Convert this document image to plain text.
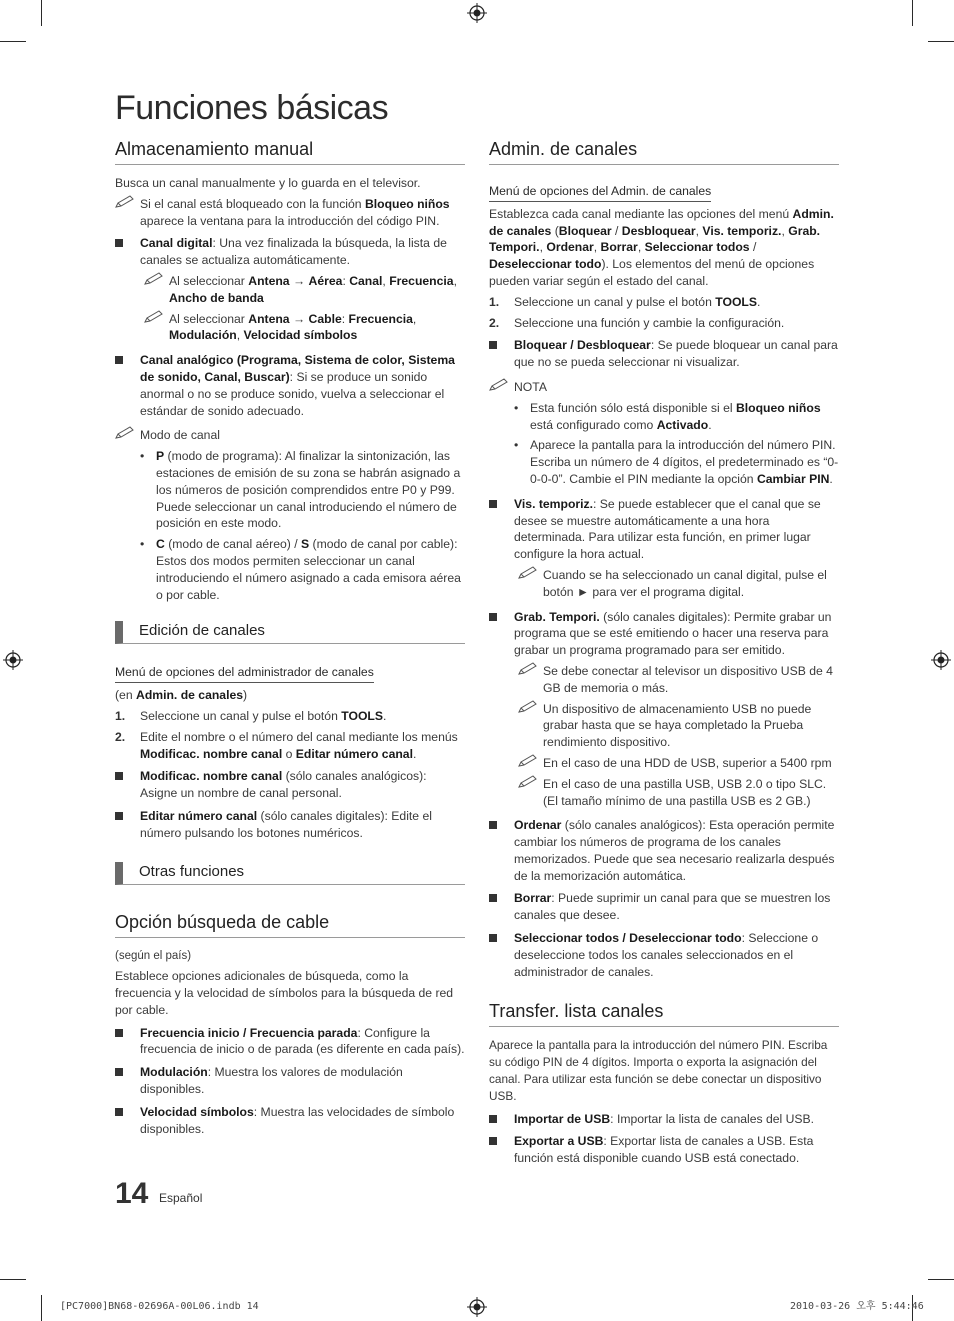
Funciones básicas
Almacenamiento manual

Busca un canal manualmente y lo guarda en el televisor.

Si el canal está bloqueado con la función Bloqueo niños aparece la ventana para la introducción del código PIN.
Canal digital: Una vez finalizada la búsqueda, la lista de canales se actualiza automáticamente.
Al seleccionar Antena → Aérea: Canal, Frecuencia, Ancho de banda
Al seleccionar Antena → Cable: Frecuencia, Modulación, Velocidad símbolos
Canal analógico (Programa, Sistema de color, Sistema de sonido, Canal, Buscar): Si se produce un sonido anormal o no se produce sonido, vuelva a seleccionar el estándar de sonido adecuado.
Modo de canal
• P (modo de programa): Al finalizar la sintonización, las estaciones de emisión de su zona se habrán asignado a los números de posición comprendidos entre P0 y P99. Puede seleccionar un canal introduciendo el número de posición en este modo.
• C (modo de canal aéreo) / S (modo de canal por cable): Estos dos modos permiten seleccionar un canal introduciendo el número asignado a cada emisora aérea o por cable.
Edición de canales
Menú de opciones del administrador de canales

(en Admin. de canales)

1. Seleccione un canal y pulse el botón TOOLS.
2. Edite el nombre o el número del canal mediante los menús Modificac. nombre canal o Editar número canal.
Modificac. nombre canal (sólo canales analógicos): Asigne un nombre de canal personal.
Editar número canal (sólo canales digitales): Edite el número pulsando los botones numéricos.
Otras funciones
Opción búsqueda de cable

(según el país)

Establece opciones adicionales de búsqueda, como la frecuencia y la velocidad de símbolos para la búsqueda de red por cable.

Frecuencia inicio / Frecuencia parada: Configure la frecuencia de inicio o de parada (es diferente en cada país).
Modulación: Muestra los valores de modulación disponibles.
Velocidad símbolos: Muestra las velocidades de símbolo disponibles.
Admin. de canales
Menú de opciones del Admin. de canales

Establezca cada canal mediante las opciones del menú Admin. de canales (Bloquear / Desbloquear, Vis. temporiz., Grab. Tempori., Ordenar, Borrar, Seleccionar todos / Deseleccionar todo). Los elementos del menú de opciones pueden variar según el estado del canal.

1. Seleccione un canal y pulse el botón TOOLS.
2. Seleccione una función y cambie la configuración.
Bloquear / Desbloquear: Se puede bloquear un canal para que no se pueda seleccionar ni visualizar.
NOTA
• Esta función sólo está disponible si el Bloqueo niños está configurado como Activado.
• Aparece la pantalla para la introducción del número PIN. Escriba un número de 4 dígitos, el predeterminado es “0-0-0-0”. Cambie el PIN mediante la opción Cambiar PIN.
Vis. temporiz.: Se puede establecer que el canal que se desee se muestre automáticamente a una hora determinada. Para utilizar esta función, en primer lugar configure la hora actual.
Cuando se ha seleccionado un canal digital, pulse el botón ► para ver el programa digital.
Grab. Tempori. (sólo canales digitales): Permite grabar un programa que se esté emitiendo o hacer una reserva para grabar un programa programado para ser emitido.
Se debe conectar al televisor un dispositivo USB de 4 GB de memoria o más.
Un dispositivo de almacenamiento USB no puede grabar hasta que se haya completado la Prueba rendimiento dispositivo.
En el caso de una HDD de USB, superior a 5400 rpm
En el caso de una pastilla USB, USB 2.0 o tipo SLC. (El tamaño mínimo de una pastilla USB es 2 GB.)
Ordenar (sólo canales analógicos): Esta operación permite cambiar los números de programa de los canales memorizados. Puede que sea necesario realizarla después de la memorización automática.
Borrar: Puede suprimir un canal para que se muestren los canales que desee.
Seleccionar todos / Deseleccionar todo: Seleccione o deseleccione todos los canales seleccionados en el administrador de canales.
Transfer. lista canales

Aparece la pantalla para la introducción del número PIN. Escriba su código PIN de 4 dígitos. Importa o exporta la asignación del canal. Para utilizar esta función se debe conectar un dispositivo USB.

Importar de USB: Importar la lista de canales del USB.
Exportar a USB: Exportar lista de canales a USB. Esta función está disponible cuando USB está conectado.
14 Español
[PC7000]BN68-02696A-00L06.indb 14	2010-03-26 오후 5:44:46
